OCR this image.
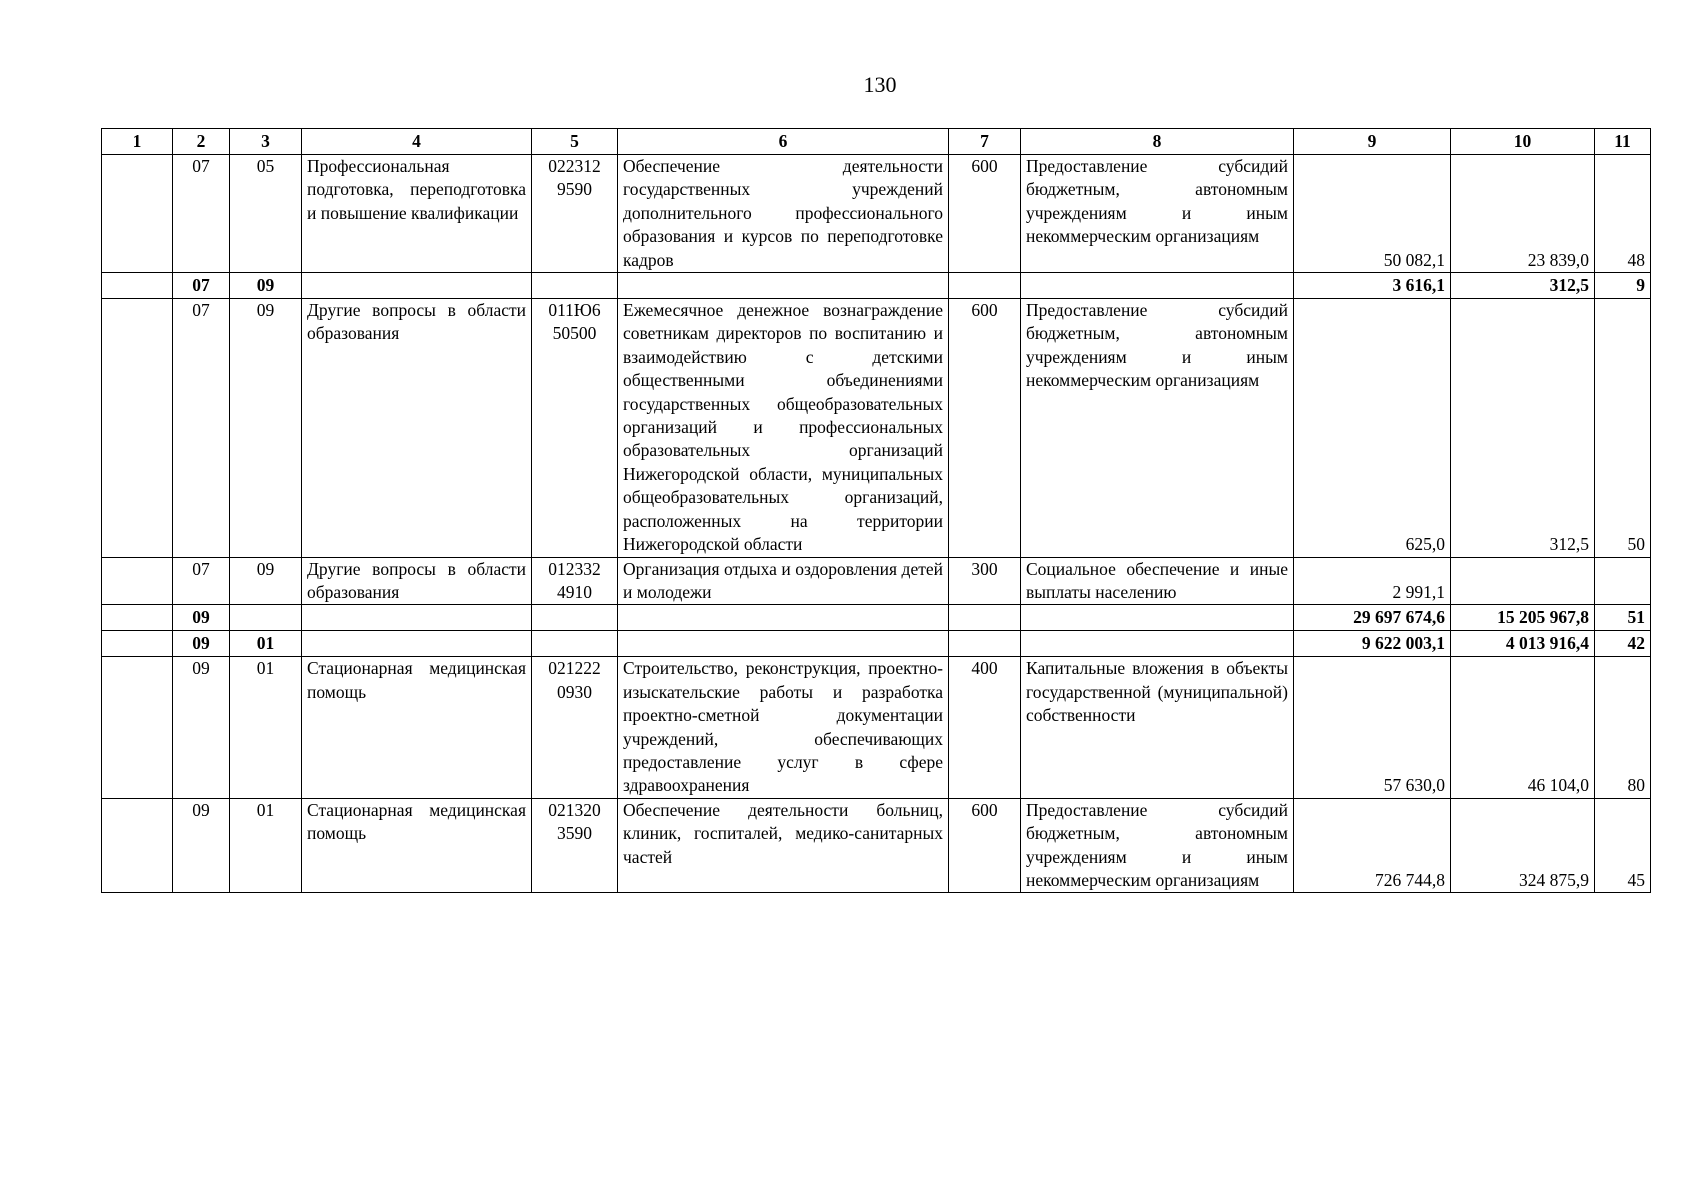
130
1	2	3	4	5	6	7	8	9	10	11
	07	05	Профессиональная подготовка, переподготовка и повышение квалификации	022312 9590	Обеспечение деятельности государственных учреждений дополнительного профессионального образования и курсов по переподготовке кадров	600	Предоставление субсидий бюджетным, автономным учреждениям и иным некоммерческим организациям	50 082,1	23 839,0	48
	07	09						3 616,1	312,5	9
	07	09	Другие вопросы в области образования	011Ю6 50500	Ежемесячное денежное вознаграждение советникам директоров по воспитанию и взаимодействию с детскими общественными объединениями государственных общеобразовательных организаций и профессиональных образовательных организаций Нижегородской области, муниципальных общеобразовательных организаций, расположенных на территории Нижегородской области	600	Предоставление субсидий бюджетным, автономным учреждениям и иным некоммерческим организациям	625,0	312,5	50
	07	09	Другие вопросы в области образования	012332 4910	Организация отдыха и оздоровления детей и молодежи	300	Социальное обеспечение и иные выплаты населению	2 991,1		
	09							29 697 674,6	15 205 967,8	51
	09	01						9 622 003,1	4 013 916,4	42
	09	01	Стационарная медицинская помощь	021222 0930	Строительство, реконструкция, проектно-изыскательские работы и разработка проектно-сметной документации учреждений, обеспечивающих предоставление услуг в сфере здравоохранения	400	Капитальные вложения в объекты государственной (муниципальной) собственности	57 630,0	46 104,0	80
	09	01	Стационарная медицинская помощь	021320 3590	Обеспечение деятельности больниц, клиник, госпиталей, медико-санитарных частей	600	Предоставление субсидий бюджетным, автономным учреждениям и иным некоммерческим организациям	726 744,8	324 875,9	45
